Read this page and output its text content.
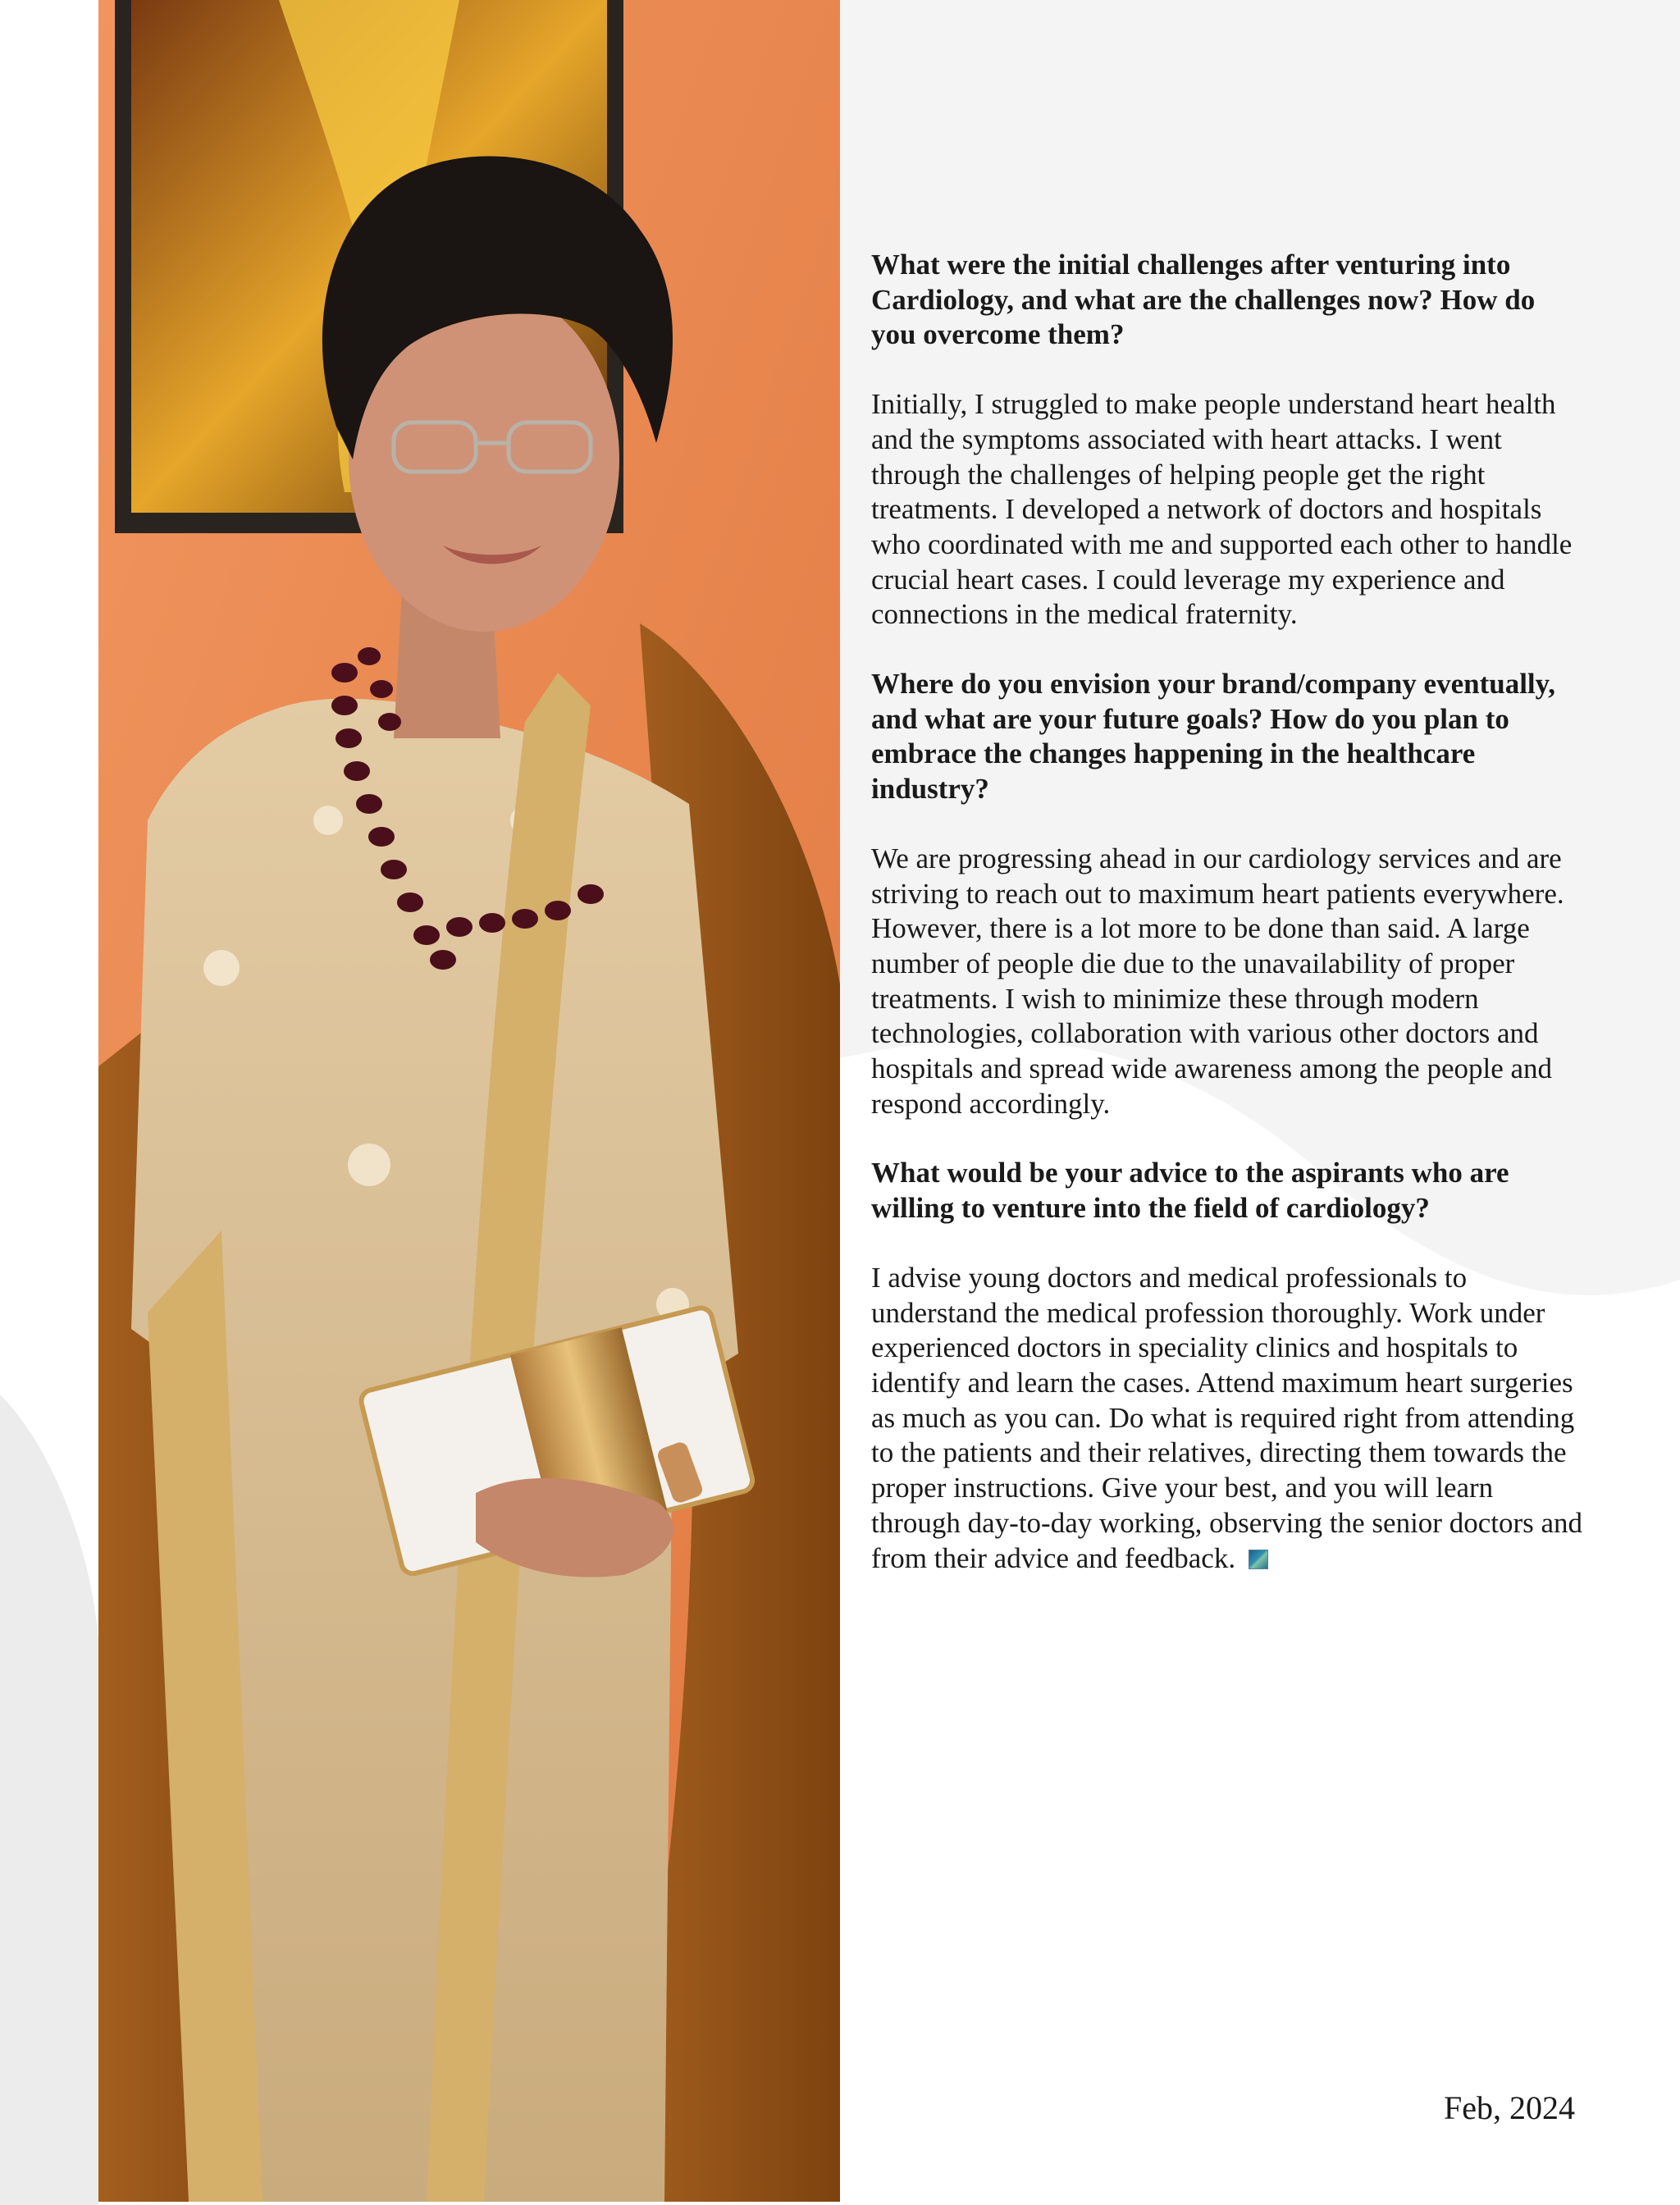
What were the initial challenges after venturing into Cardiology, and what are the challenges now? How do you overcome them?

Initially, I struggled to make people understand heart health and the symptoms associated with heart attacks. I went through the challenges of helping people get the right treatments. I developed a network of doctors and hospitals who coordinated with me and supported each other to handle crucial heart cases. I could leverage my experience and connections in the medical fraternity.

Where do you envision your brand/company eventually, and what are your future goals? How do you plan to embrace the changes happening in the healthcare industry?

We are progressing ahead in our cardiology services and are striving to reach out to maximum heart patients everywhere. However, there is a lot more to be done than said. A large number of people die due to the unavailability of proper treatments. I wish to minimize these through modern technologies, collaboration with various other doctors and hospitals and spread wide awareness among the people and respond accordingly.

What would be your advice to the aspirants who are willing to venture into the field of cardiology?

I advise young doctors and medical professionals to understand the medical profession thoroughly. Work under experienced doctors in speciality clinics and hospitals to identify and learn the cases. Attend maximum heart surgeries as much as you can. Do what is required right from attending to the patients and their relatives, directing them towards the proper instructions. Give your best, and you will learn through day-to-day working, observing the senior doctors and from their advice and feedback.

Feb, 2024
